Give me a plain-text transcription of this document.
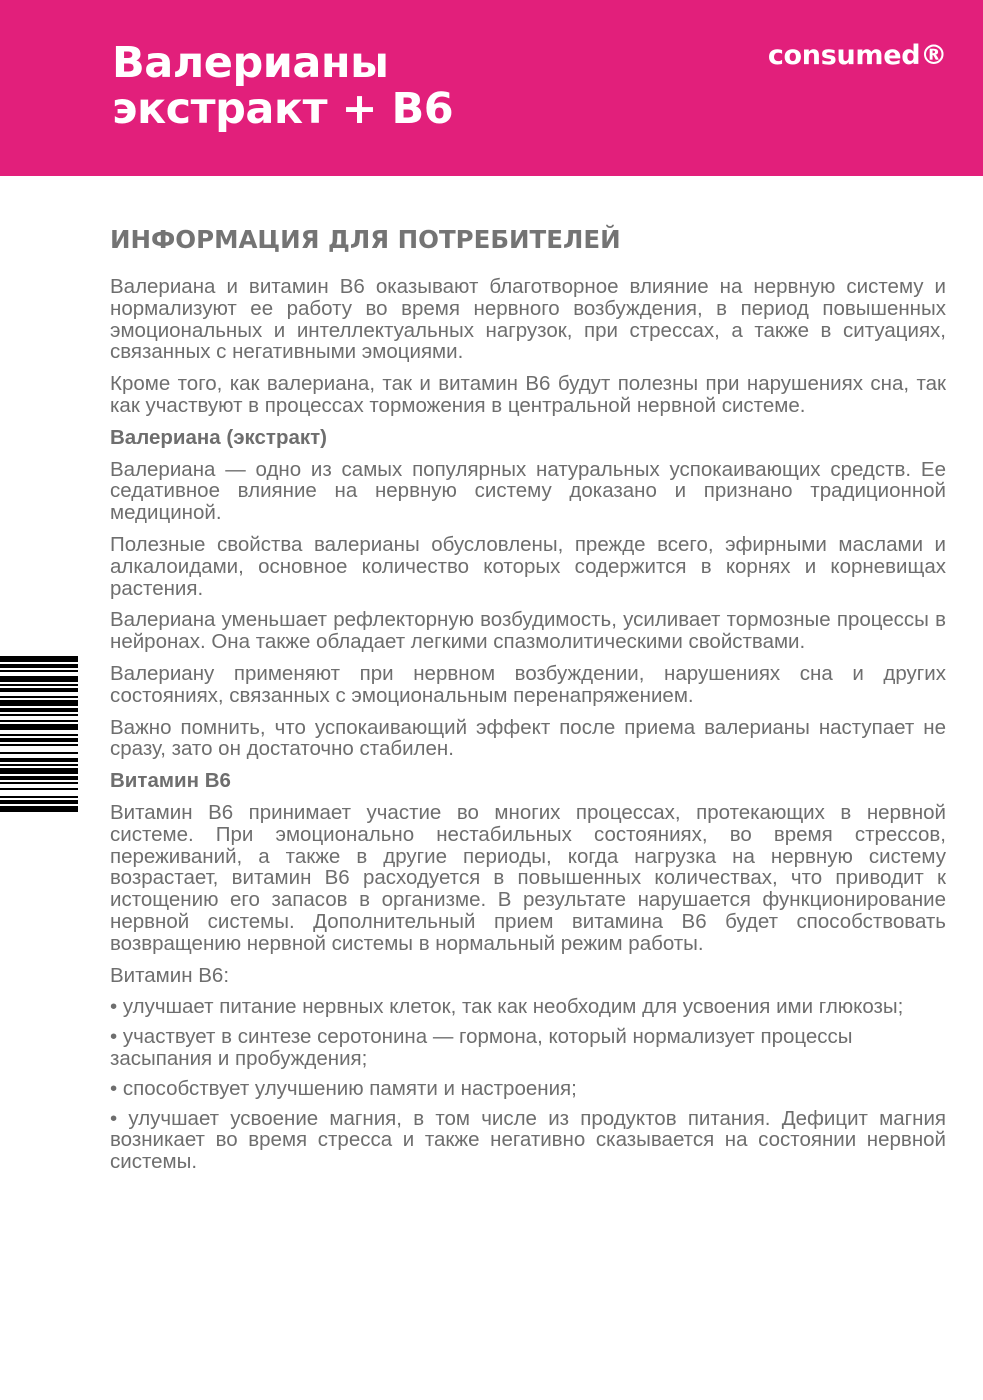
Валерианы
экстракт + В6
consumed®
ИНФОРМАЦИЯ ДЛЯ ПОТРЕБИТЕЛЕЙ

Валериана и витамин В6 оказывают благотворное влияние на нервную систему и нормализуют ее работу во время нервного возбуждения, в период повышенных эмоциональных и интеллектуальных нагрузок, при стрессах, а также в ситуациях, связанных с негативными эмоциями.

Кроме того, как валериана, так и витамин В6 будут полезны при нарушениях сна, так как участвуют в процессах торможения в центральной нервной системе.

Валериана (экстракт)

Валериана — одно из самых популярных натуральных успокаивающих средств. Ее седативное влияние на нервную систему доказано и признано традиционной медициной.

Полезные свойства валерианы обусловлены, прежде всего, эфирными маслами и алкалоидами, основное количество которых содержится в корнях и корневищах растения.

Валериана уменьшает рефлекторную возбудимость, усиливает тормозные процессы в нейронах. Она также обладает легкими спазмолитическими свойствами.

Валериану применяют при нервном возбуждении, нарушениях сна и других состояниях, связанных с эмоциональным перенапряжением.

Важно помнить, что успокаивающий эффект после приема валерианы наступает не сразу, зато он достаточно стабилен.

Витамин В6

Витамин В6 принимает участие во многих процессах, протекающих в нервной системе. При эмоционально нестабильных состояниях, во время стрессов, переживаний, а также в другие периоды, когда нагрузка на нервную систему возрастает, витамин В6 расходуется в повышенных количествах, что приводит к истощению его запасов в организме. В результате нарушается функционирование нервной системы. Дополнительный прием витамина В6 будет способствовать возвращению нервной системы в нормальный режим работы.

Витамин В6:

• улучшает питание нервных клеток, так как необходим для усвоения ими глюкозы;

• участвует в синтезе серотонина — гормона, который нормализует процессы засыпания и пробуждения;

• способствует улучшению памяти и настроения;

• улучшает усвоение магния, в том числе из продуктов питания. Дефицит магния возникает во время стресса и также негативно сказывается на состоянии нервной системы.
